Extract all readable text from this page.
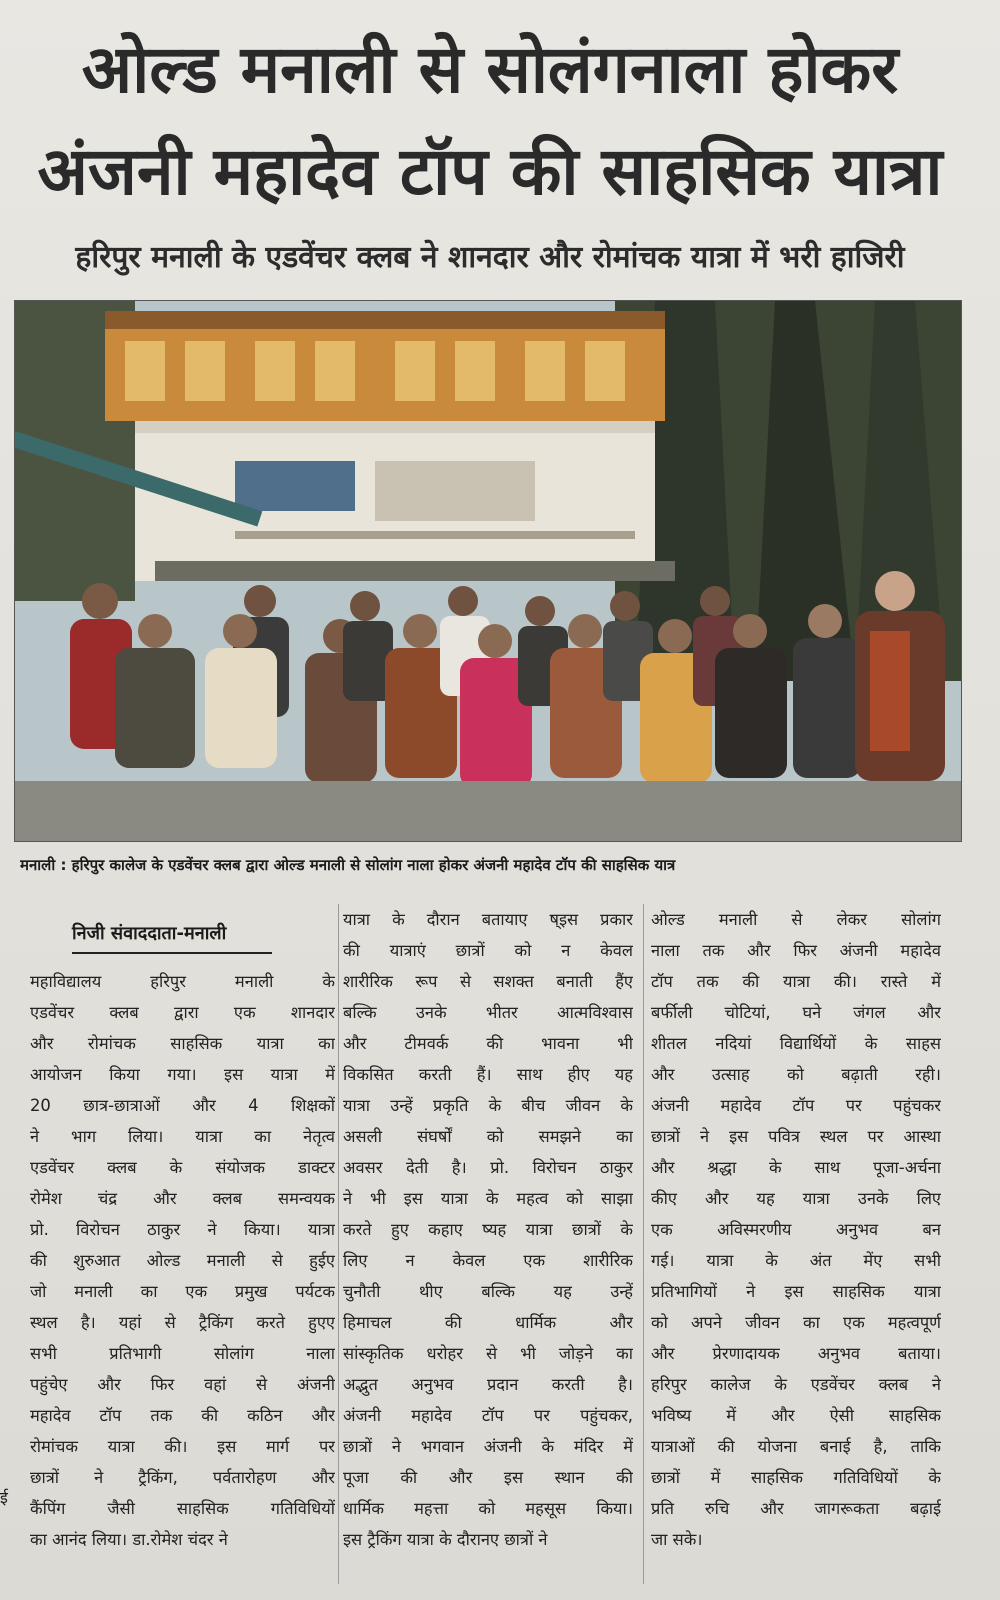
ओल्ड मनाली से सोलंगनाला होकर
अंजनी महादेव टॉप की साहसिक यात्रा
हरिपुर मनाली के एडवेंचर क्लब ने शानदार और रोमांचक यात्रा में भरी हाजिरी
मनाली : हरिपुर कालेज के एडवेंचर क्लब द्वारा ओल्ड मनाली से सोलांग नाला होकर अंजनी महादेव टॉप की साहसिक यात्र
निजी संवाददाता-मनाली
महाविद्यालय हरिपुर मनाली के
एडवेंचर क्लब द्वारा एक शानदार
और रोमांचक साहसिक यात्रा का
आयोजन किया गया। इस यात्रा में
20 छात्र-छात्राओं और 4 शिक्षकों
ने भाग लिया। यात्रा का नेतृत्व
एडवेंचर क्लब के संयोजक डाक्टर
रोमेश चंद्र और क्लब समन्वयक
प्रो. विरोचन ठाकुर ने किया। यात्रा
की शुरुआत ओल्ड मनाली से हुईए
जो मनाली का एक प्रमुख पर्यटक
स्थल है। यहां से ट्रैकिंग करते हुएए
सभी प्रतिभागी सोलांग नाला
पहुंचेए और फिर वहां से अंजनी
महादेव टॉप तक की कठिन और
रोमांचक यात्रा की। इस मार्ग पर
छात्रों ने ट्रैकिंग, पर्वतारोहण और
कैंपिंग जैसी साहसिक गतिविधियों
का आनंद लिया। डा.रोमेश चंदर ने
यात्रा के दौरान बतायाए ष्इस प्रकार
की यात्राएं छात्रों को न केवल
शारीरिक रूप से सशक्त बनाती हैंए
बल्कि उनके भीतर आत्मविश्वास
और टीमवर्क की भावना भी
विकसित करती हैं। साथ हीए यह
यात्रा उन्हें प्रकृति के बीच जीवन के
असली संघर्षों को समझने का
अवसर देती है। प्रो. विरोचन ठाकुर
ने भी इस यात्रा के महत्व को साझा
करते हुए कहाए ष्यह यात्रा छात्रों के
लिए न केवल एक शारीरिक
चुनौती थीए बल्कि यह उन्हें
हिमाचल की धार्मिक और
सांस्कृतिक धरोहर से भी जोड़ने का
अद्भुत अनुभव प्रदान करती है।
अंजनी महादेव टॉप पर पहुंचकर,
छात्रों ने भगवान अंजनी के मंदिर में
पूजा की और इस स्थान की
धार्मिक महत्ता को महसूस किया।
इस ट्रैकिंग यात्रा के दौरानए छात्रों ने
ओल्ड मनाली से लेकर सोलांग
नाला तक और फिर अंजनी महादेव
टॉप तक की यात्रा की। रास्ते में
बर्फीली चोटियां, घने जंगल और
शीतल नदियां विद्यार्थियों के साहस
और उत्साह को बढ़ाती रही।
अंजनी महादेव टॉप पर पहुंचकर
छात्रों ने इस पवित्र स्थल पर आस्था
और श्रद्धा के साथ पूजा-अर्चना
कीए और यह यात्रा उनके लिए
एक अविस्मरणीय अनुभव बन
गई। यात्रा के अंत मेंए सभी
प्रतिभागियों ने इस साहसिक यात्रा
को अपने जीवन का एक महत्वपूर्ण
और प्रेरणादायक अनुभव बताया।
हरिपुर कालेज के एडवेंचर क्लब ने
भविष्य में और ऐसी साहसिक
यात्राओं की योजना बनाई है, ताकि
छात्रों में साहसिक गतिविधियों के
प्रति रुचि और जागरूकता बढ़ाई
जा सके।
ई
